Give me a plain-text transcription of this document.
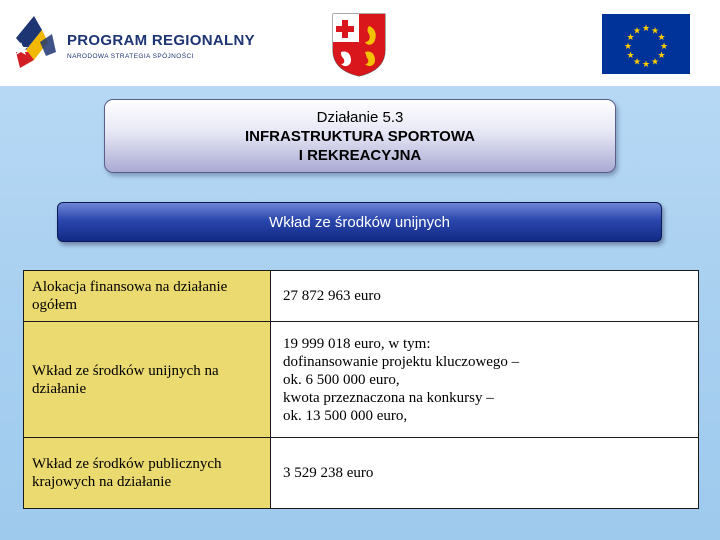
PROGRAM REGIONALNY
NARODOWA STRATEGIA SPÓJNOŚCI
★ ★
★
★
★
★
★
★
★
★
★
★
Działanie 5.3
INFRASTRUKTURA SPORTOWA
I REKREACYJNA
Wkład ze środków unijnych
Alokacja finansowa na działanie ogółem	27 872 963 euro

Wkład ze środków unijnych na działanie	19 999 018 euro, w tym:
dofinansowanie projektu kluczowego –
ok. 6 500 000 euro,
kwota przeznaczona na konkursy –
ok. 13 500 000 euro,

Wkład ze środków publicznych krajowych na działanie	3 529 238 euro
